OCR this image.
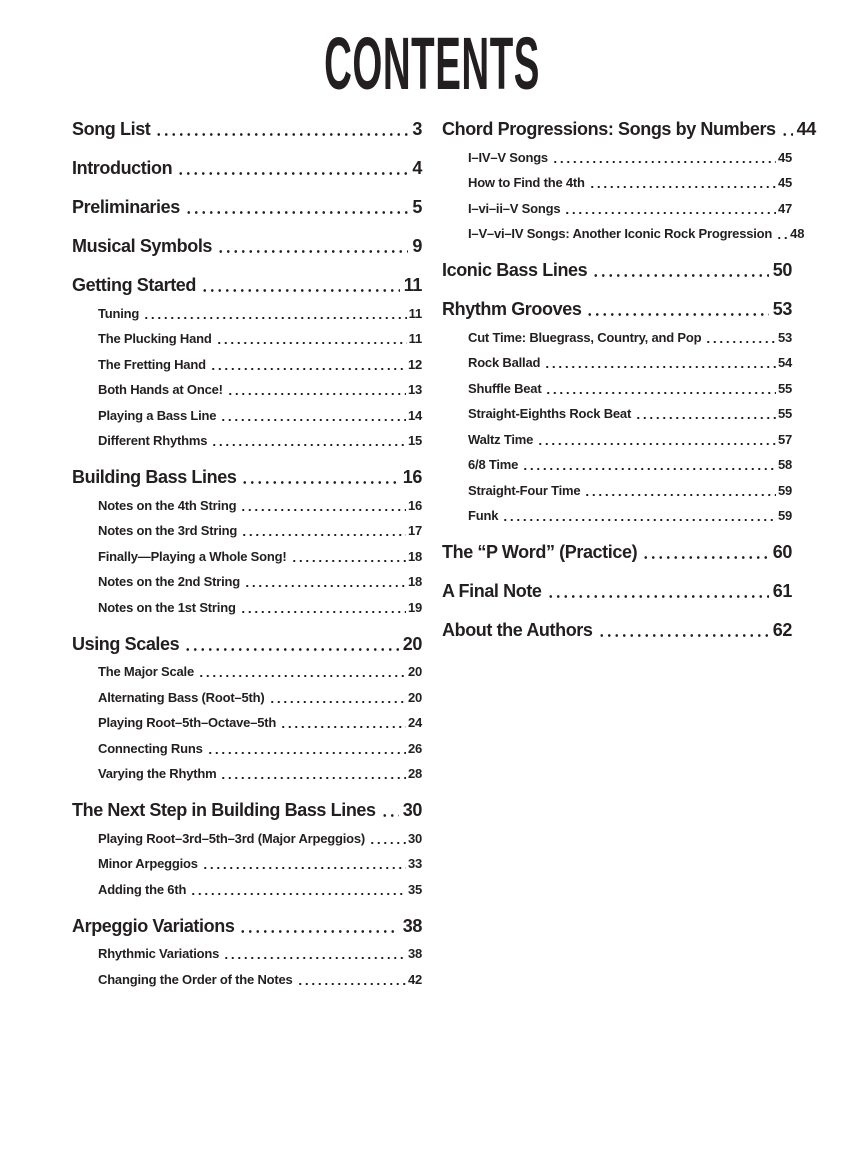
CONTENTS
Song List	3
Introduction	4
Preliminaries	5
Musical Symbols	9
Getting Started	11
Tuning	11
The Plucking Hand	11
The Fretting Hand	12
Both Hands at Once!	13
Playing a Bass Line	14
Different Rhythms	15
Building Bass Lines	16
Notes on the 4th String	16
Notes on the 3rd String	17
Finally—Playing a Whole Song!	18
Notes on the 2nd String	18
Notes on the 1st String	19
Using Scales	20
The Major Scale	20
Alternating Bass (Root–5th)	20
Playing Root–5th–Octave–5th	24
Connecting Runs	26
Varying the Rhythm	28
The Next Step in Building Bass Lines 30
Playing Root–3rd–5th–3rd (Major Arpeggios)	30
Minor Arpeggios	33
Adding the 6th	35
Arpeggio Variations	38
Rhythmic Variations	38
Changing the Order of the Notes	42
Chord Progressions: Songs by Numbers 44
I–IV–V Songs	45
How to Find the 4th	45
I–vi–ii–V Songs	47
I–V–vi–IV Songs: Another Iconic Rock Progression 48
Iconic Bass Lines	50
Rhythm Grooves	53
Cut Time: Bluegrass, Country, and Pop	53
Rock Ballad	54
Shuffle Beat	55
Straight-Eighths Rock Beat	55
Waltz Time	57
6/8 Time	58
Straight-Four Time	59
Funk	59
The “P Word” (Practice)	60
A Final Note	61
About the Authors	62
